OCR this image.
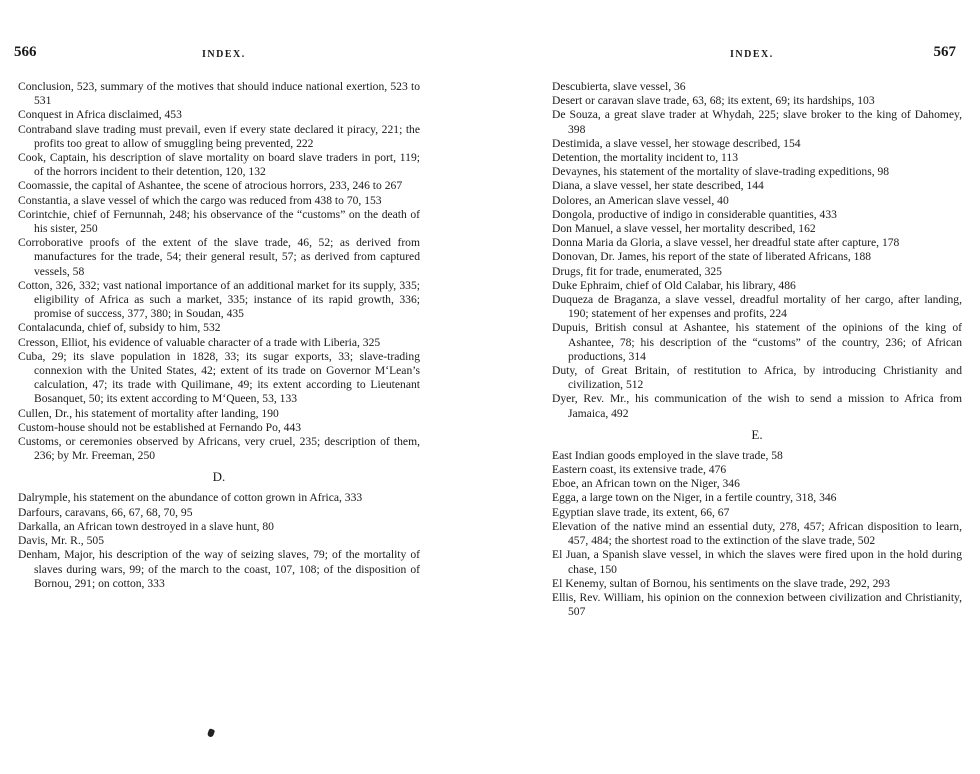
566	INDEX.
Conclusion, 523, summary of the motives that should induce national exertion, 523 to 531
Conquest in Africa disclaimed, 453
Contraband slave trading must prevail, even if every state declared it piracy, 221; the profits too great to allow of smuggling being prevented, 222
Cook, Captain, his description of slave mortality on board slave traders in port, 119; of the horrors incident to their detention, 120, 132
Coomassie, the capital of Ashantee, the scene of atrocious horrors, 233, 246 to 267
Constantia, a slave vessel of which the cargo was reduced from 438 to 70, 153
Corintchie, chief of Fernunnah, 248; his observance of the “customs” on the death of his sister, 250
Corroborative proofs of the extent of the slave trade, 46, 52; as derived from manufactures for the trade, 54; their general result, 57; as derived from captured vessels, 58
Cotton, 326, 332; vast national importance of an additional market for its supply, 335; eligibility of Africa as such a market, 335; instance of its rapid growth, 336; promise of success, 377, 380; in Soudan, 435
Contalacunda, chief of, subsidy to him, 532
Cresson, Elliot, his evidence of valuable character of a trade with Liberia, 325
Cuba, 29; its slave population in 1828, 33; its sugar exports, 33; slave-trading connexion with the United States, 42; extent of its trade on Governor M‘Lean’s calculation, 47; its trade with Quilimane, 49; its extent according to Lieutenant Bosanquet, 50; its extent according to M‘Queen, 53, 133
Cullen, Dr., his statement of mortality after landing, 190
Custom-house should not be established at Fernando Po, 443
Customs, or ceremonies observed by Africans, very cruel, 235; description of them, 236; by Mr. Freeman, 250
D.
Dalrymple, his statement on the abundance of cotton grown in Africa, 333
Darfours, caravans, 66, 67, 68, 70, 95
Darkalla, an African town destroyed in a slave hunt, 80
Davis, Mr. R., 505
Denham, Major, his description of the way of seizing slaves, 79; of the mortality of slaves during wars, 99; of the march to the coast, 107, 108; of the disposition of Bornou, 291; on cotton, 333
INDEX.	567
Descubierta, slave vessel, 36
Desert or caravan slave trade, 63, 68; its extent, 69; its hardships, 103
De Souza, a great slave trader at Whydah, 225; slave broker to the king of Dahomey, 398
Destimida, a slave vessel, her stowage described, 154
Detention, the mortality incident to, 113
Devaynes, his statement of the mortality of slave-trading expeditions, 98
Diana, a slave vessel, her state described, 144
Dolores, an American slave vessel, 40
Dongola, productive of indigo in considerable quantities, 433
Don Manuel, a slave vessel, her mortality described, 162
Donna Maria da Gloria, a slave vessel, her dreadful state after capture, 178
Donovan, Dr. James, his report of the state of liberated Africans, 188
Drugs, fit for trade, enumerated, 325
Duke Ephraim, chief of Old Calabar, his library, 486
Duqueza de Braganza, a slave vessel, dreadful mortality of her cargo, after landing, 190; statement of her expenses and profits, 224
Dupuis, British consul at Ashantee, his statement of the opinions of the king of Ashantee, 78; his description of the “customs” of the country, 236; of African productions, 314
Duty, of Great Britain, of restitution to Africa, by introducing Christianity and civilization, 512
Dyer, Rev. Mr., his communication of the wish to send a mission to Africa from Jamaica, 492
E.
East Indian goods employed in the slave trade, 58
Eastern coast, its extensive trade, 476
Eboe, an African town on the Niger, 346
Egga, a large town on the Niger, in a fertile country, 318, 346
Egyptian slave trade, its extent, 66, 67
Elevation of the native mind an essential duty, 278, 457; African disposition to learn, 457, 484; the shortest road to the extinction of the slave trade, 502
El Juan, a Spanish slave vessel, in which the slaves were fired upon in the hold during chase, 150
El Kenemy, sultan of Bornou, his sentiments on the slave trade, 292, 293
Ellis, Rev. William, his opinion on the connexion between civilization and Christianity, 507
